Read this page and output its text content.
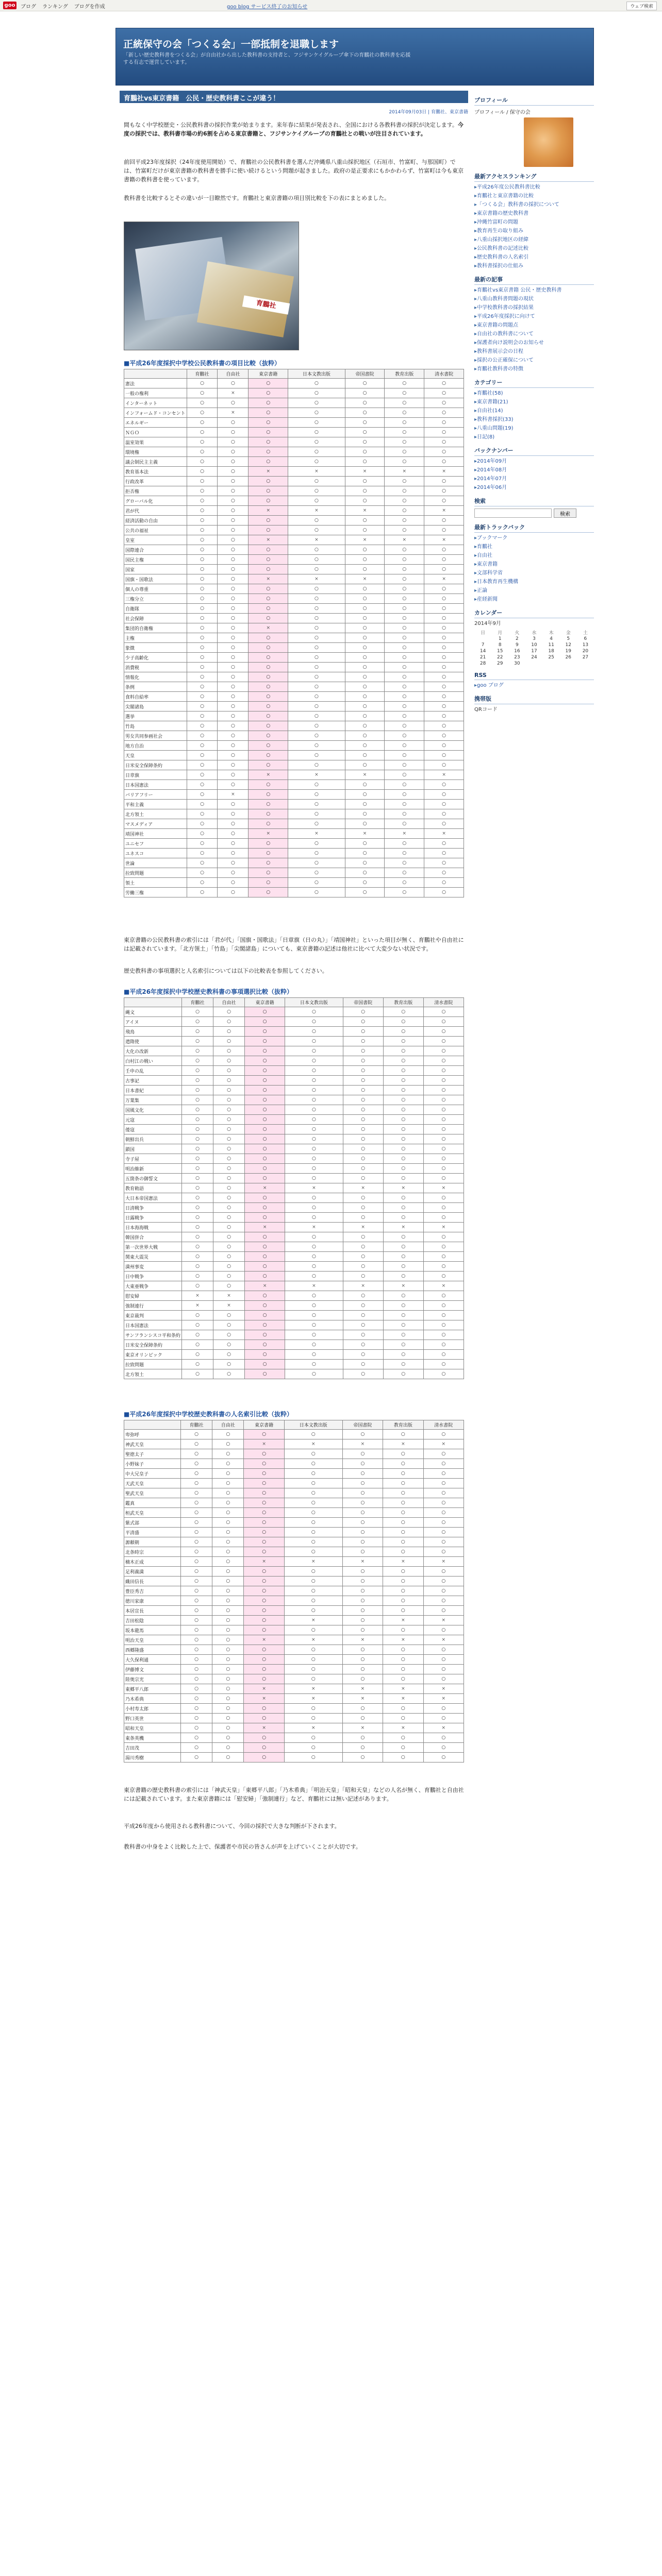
goo ブログ ランキング ブログを作成	goo blog サービス終了のお知らせ	ウェブ検索
正統保守の会「つくる会」一部抵制を退職します
「新しい歴史教科書をつくる会」が自由社から出した教科書の支持者と、フジサンケイグループ傘下の育鵬社の教科書を応援する有志で運営しています。
育鵬社vs東京書籍　公民・歴史教科書ここが違う！
2014年09月03日 | 育鵬社、東京書籍
間もなく中学校歴史・公民教科書の採択作業が始まります。来年春に結果が発表され、全国における各教科書の採択が決定します。今度の採択では、教科書市場の約6割を占める東京書籍と、フジサンケイグループの育鵬社との戦いが注目されています。
前回平成23年度採択（24年度使用開始）で、育鵬社の公民教科書を選んだ沖縄県八重山採択地区（石垣市、竹富町、与那国町）では、竹富町だけが東京書籍の教科書を勝手に使い続けるという問題が起きました。政府の是正要求にもかかわらず、竹富町は今も東京書籍の教科書を使っています。
教科書を比較するとその違いが一目瞭然です。育鵬社と東京書籍の項目別比較を下の表にまとめました。
育鵬社
■平成26年度採択中学校公民教科書の項目比較（抜粋）
	育鵬社	自由社	東京書籍	日本文教出版	帝国書院	教育出版	清水書院
憲法	○	○	○	○	○	○	○
一般の権利	○	×	○	○	○	○	○
インターネット	○	○	○	○	○	○	○
インフォームド・コンセント	○	×	○	○	○	○	○
エネルギー	○	○	○	○	○	○	○
ＮＧＯ	○	○	○	○	○	○	○
温室効果	○	○	○	○	○	○	○
環境権	○	○	○	○	○	○	○
議会制民主主義	○	○	○	○	○	○	○
教育基本法	○	○	×	×	×	×	×
行政改革	○	○	○	○	○	○	○
拒否権	○	○	○	○	○	○	○
グローバル化	○	○	○	○	○	○	○
君が代	○	○	×	×	×	○	×
経済活動の自由	○	○	○	○	○	○	○
公共の福祉	○	○	○	○	○	○	○
皇室	○	○	×	×	×	×	×
国際連合	○	○	○	○	○	○	○
国民主権	○	○	○	○	○	○	○
国家	○	○	○	○	○	○	○
国旗・国歌法	○	○	×	×	×	○	×
個人の尊重	○	○	○	○	○	○	○
三権分立	○	○	○	○	○	○	○
自衛隊	○	○	○	○	○	○	○
社会保障	○	○	○	○	○	○	○
集団的自衛権	○	○	×	○	○	○	○
主権	○	○	○	○	○	○	○
象徴	○	○	○	○	○	○	○
少子高齢化	○	○	○	○	○	○	○
消費税	○	○	○	○	○	○	○
情報化	○	○	○	○	○	○	○
条例	○	○	○	○	○	○	○
食料自給率	○	○	○	○	○	○	○
尖閣諸島	○	○	○	○	○	○	○
選挙	○	○	○	○	○	○	○
竹島	○	○	○	○	○	○	○
男女共同参画社会	○	○	○	○	○	○	○
地方自治	○	○	○	○	○	○	○
天皇	○	○	○	○	○	○	○
日米安全保障条約	○	○	○	○	○	○	○
日章旗	○	○	×	×	×	○	×
日本国憲法	○	○	○	○	○	○	○
バリアフリー	○	×	○	○	○	○	○
平和主義	○	○	○	○	○	○	○
北方領土	○	○	○	○	○	○	○
マスメディア	○	○	○	○	○	○	○
靖国神社	○	○	×	×	×	×	×
ユニセフ	○	○	○	○	○	○	○
ユネスコ	○	○	○	○	○	○	○
世論	○	○	○	○	○	○	○
拉致問題	○	○	○	○	○	○	○
領土	○	○	○	○	○	○	○
労働三権	○	○	○	○	○	○	○
東京書籍の公民教科書の索引には「君が代」「国旗・国歌法」「日章旗（日の丸）」「靖国神社」といった項目が無く、育鵬社や自由社には記載されています。「北方領土」「竹島」「尖閣諸島」についても、東京書籍の記述は他社に比べて大変少ない状況です。
歴史教科書の事項選択と人名索引については以下の比較表を参照してください。
■平成26年度採択中学校歴史教科書の事項選択比較（抜粋）
	育鵬社	自由社	東京書籍	日本文教出版	帝国書院	教育出版	清水書院
縄文	○	○	○	○	○	○	○
アイヌ	○	○	○	○	○	○	○
飛鳥	○	○	○	○	○	○	○
遣隋使	○	○	○	○	○	○	○
大化の改新	○	○	○	○	○	○	○
白村江の戦い	○	○	○	○	○	○	○
壬申の乱	○	○	○	○	○	○	○
古事記	○	○	○	○	○	○	○
日本書紀	○	○	○	○	○	○	○
万葉集	○	○	○	○	○	○	○
国風文化	○	○	○	○	○	○	○
元寇	○	○	○	○	○	○	○
倭寇	○	○	○	○	○	○	○
朝鮮出兵	○	○	○	○	○	○	○
鎖国	○	○	○	○	○	○	○
寺子屋	○	○	○	○	○	○	○
明治維新	○	○	○	○	○	○	○
五箇条の御誓文	○	○	○	○	○	○	○
教育勅語	○	○	×	×	×	×	×
大日本帝国憲法	○	○	○	○	○	○	○
日清戦争	○	○	○	○	○	○	○
日露戦争	○	○	○	○	○	○	○
日本海海戦	○	○	×	×	×	×	×
韓国併合	○	○	○	○	○	○	○
第一次世界大戦	○	○	○	○	○	○	○
関東大震災	○	○	○	○	○	○	○
満州事変	○	○	○	○	○	○	○
日中戦争	○	○	○	○	○	○	○
大東亜戦争	○	○	×	×	×	×	×
慰安婦	×	×	○	○	○	○	○
強制連行	×	×	○	○	○	○	○
東京裁判	○	○	○	○	○	○	○
日本国憲法	○	○	○	○	○	○	○
サンフランシスコ平和条約	○	○	○	○	○	○	○
日米安全保障条約	○	○	○	○	○	○	○
東京オリンピック	○	○	○	○	○	○	○
拉致問題	○	○	○	○	○	○	○
北方領土	○	○	○	○	○	○	○
■平成26年度採択中学校歴史教科書の人名索引比較（抜粋）
	育鵬社	自由社	東京書籍	日本文教出版	帝国書院	教育出版	清水書院
卑弥呼	○	○	○	○	○	○	○
神武天皇	○	○	×	×	×	×	×
聖徳太子	○	○	○	○	○	○	○
小野妹子	○	○	○	○	○	○	○
中大兄皇子	○	○	○	○	○	○	○
天武天皇	○	○	○	○	○	○	○
聖武天皇	○	○	○	○	○	○	○
鑑真	○	○	○	○	○	○	○
桓武天皇	○	○	○	○	○	○	○
紫式部	○	○	○	○	○	○	○
平清盛	○	○	○	○	○	○	○
源頼朝	○	○	○	○	○	○	○
北条時宗	○	○	○	○	○	○	○
楠木正成	○	○	×	×	×	×	×
足利義満	○	○	○	○	○	○	○
織田信長	○	○	○	○	○	○	○
豊臣秀吉	○	○	○	○	○	○	○
徳川家康	○	○	○	○	○	○	○
本居宣長	○	○	○	○	○	○	○
吉田松陰	○	○	○	×	○	×	×
坂本龍馬	○	○	○	○	○	○	○
明治天皇	○	○	×	×	×	×	×
西郷隆盛	○	○	○	○	○	○	○
大久保利通	○	○	○	○	○	○	○
伊藤博文	○	○	○	○	○	○	○
陸奥宗光	○	○	○	○	○	○	○
東郷平八郎	○	○	×	×	×	×	×
乃木希典	○	○	×	×	×	×	×
小村寿太郎	○	○	○	○	○	○	○
野口英世	○	○	○	○	○	○	○
昭和天皇	○	○	×	×	×	×	×
東条英機	○	○	○	○	○	○	○
吉田茂	○	○	○	○	○	○	○
湯川秀樹	○	○	○	○	○	○	○
東京書籍の歴史教科書の索引には「神武天皇」「東郷平八郎」「乃木希典」「明治天皇」「昭和天皇」などの人名が無く、育鵬社と自由社には記載されています。また東京書籍には「慰安婦」「強制連行」など、育鵬社には無い記述があります。
平成26年度から使用される教科書について、今回の採択で大きな判断が下されます。
教科書の中身をよく比較した上で、保護者や市民の皆さんが声を上げていくことが大切です。
プロフィール
プロフィール / 保守の会
最新アクセスランキング
▸ 平成26年度公民教科書比較
▸ 育鵬社と東京書籍の比較
▸ 「つくる会」教科書の採択について
▸ 東京書籍の歴史教科書
▸ 沖縄竹富町の問題
▸ 教育再生の取り組み
▸ 八重山採択地区の経緯
▸ 公民教科書の記述比較
▸ 歴史教科書の人名索引
▸ 教科書採択の仕組み
最新の記事
▸ 育鵬社vs東京書籍 公民・歴史教科書
▸ 八重山教科書問題の現状
▸ 中学校教科書の採択結果
▸ 平成26年度採択に向けて
▸ 東京書籍の問題点
▸ 自由社の教科書について
▸ 保護者向け説明会のお知らせ
▸ 教科書展示会の日程
▸ 採択の公正確保について
▸ 育鵬社教科書の特徴
カテゴリー
▸ 育鵬社(58)
▸ 東京書籍(21)
▸ 自由社(14)
▸ 教科書採択(33)
▸ 八重山問題(19)
▸ 日記(8)
バックナンバー
▸ 2014年09月
▸ 2014年08月
▸ 2014年07月
▸ 2014年06月
検索
検索
最新トラックバック
▸ ブックマーク
▸ 育鵬社
▸ 自由社
▸ 東京書籍
▸ 文部科学省
▸ 日本教育再生機構
▸ 正論
▸ 産経新聞
カレンダー
2014年9月
日	月	火	水	木	金	土
	1	2	3	4	5	6
7	8	9	10	11	12	13
14	15	16	17	18	19	20
21	22	23	24	25	26	27
28	29	30				
RSS
▸ goo ブログ
携帯版
QRコード
